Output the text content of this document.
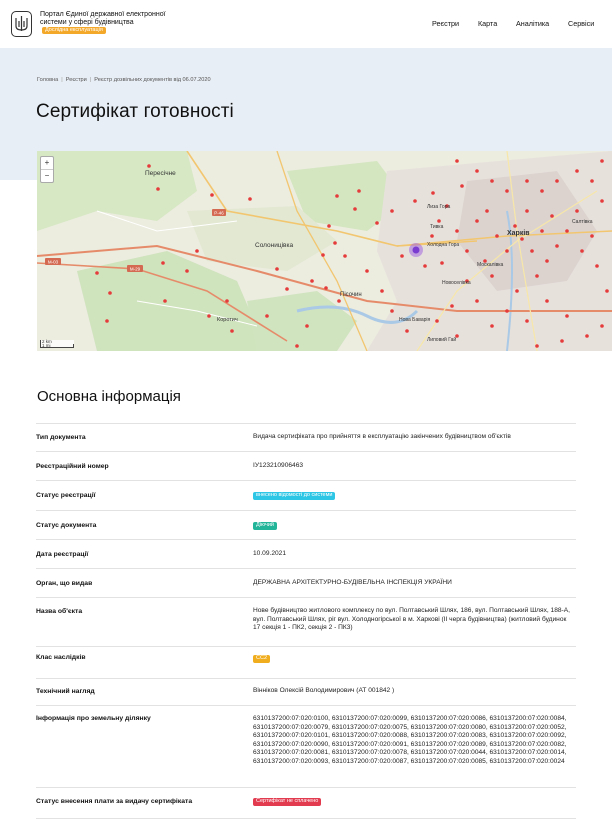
Портал Єдиної державної електронної системи у сфері будівництваДослідна експлуатація
Реєстри	Карта	Аналітика	Сервіси
Головна | Реєстри | Реєстр дозвільних документів від 06.07.2020
Сертифікат готовності
M-03
M-29
P-46
Пересічне
Солоницівка
Пісочин
Коротич
Лиза Гора
Тивка
Холодна Гора
Москалівка
Новоселівка
Нова Баварія
Липовий Гай
Харків
Салтівка
+
−
2 km
1 mi
Основна інформація
Тип документа	Видача сертифіката про прийняття в експлуатацію закінчених будівництвом об'єктів
Реєстраційний номер	ІУ123210906463
Статус реєстрації	внесено відомості до системи
Статус документа	Діючий
Дата реєстрації	10.09.2021
Орган, що видав	ДЕРЖАВНА АРХІТЕКТУРНО-БУДІВЕЛЬНА ІНСПЕКЦІЯ УКРАЇНИ
Назва об'єкта	Нове будівництво житлового комплексу по вул. Полтавський Шлях, 186, вул. Полтавський Шлях, 188-А, вул. Полтавський Шлях, ріг вул. Холодногірської в м. Харкові (ІІ черга будівництва) (житловий будинок 17 секція 1 - ПК2, секція 2 - ПК3)
Клас наслідків	СС2
Технічний нагляд	Вінніков Олексій Володимирович (АТ 001842 )
Інформація про земельну ділянку	6310137200:07:020:0100, 6310137200:07:020:0099, 6310137200:07:020:0086, 6310137200:07:020:0084, 6310137200:07:020:0079, 6310137200:07:020:0075, 6310137200:07:020:0080, 6310137200:07:020:0052, 6310137200:07:020:0101, 6310137200:07:020:0088, 6310137200:07:020:0083, 6310137200:07:020:0092, 6310137200:07:020:0090, 6310137200:07:020:0091, 6310137200:07:020:0089, 6310137200:07:020:0082, 6310137200:07:020:0081, 6310137200:07:020:0078, 6310137200:07:020:0044, 6310137200:07:020:0014, 6310137200:07:020:0093, 6310137200:07:020:0087, 6310137200:07:020:0085, 6310137200:07:020:0024
Статус внесення плати за видачу сертифіката	Сертифікат не сплачено
